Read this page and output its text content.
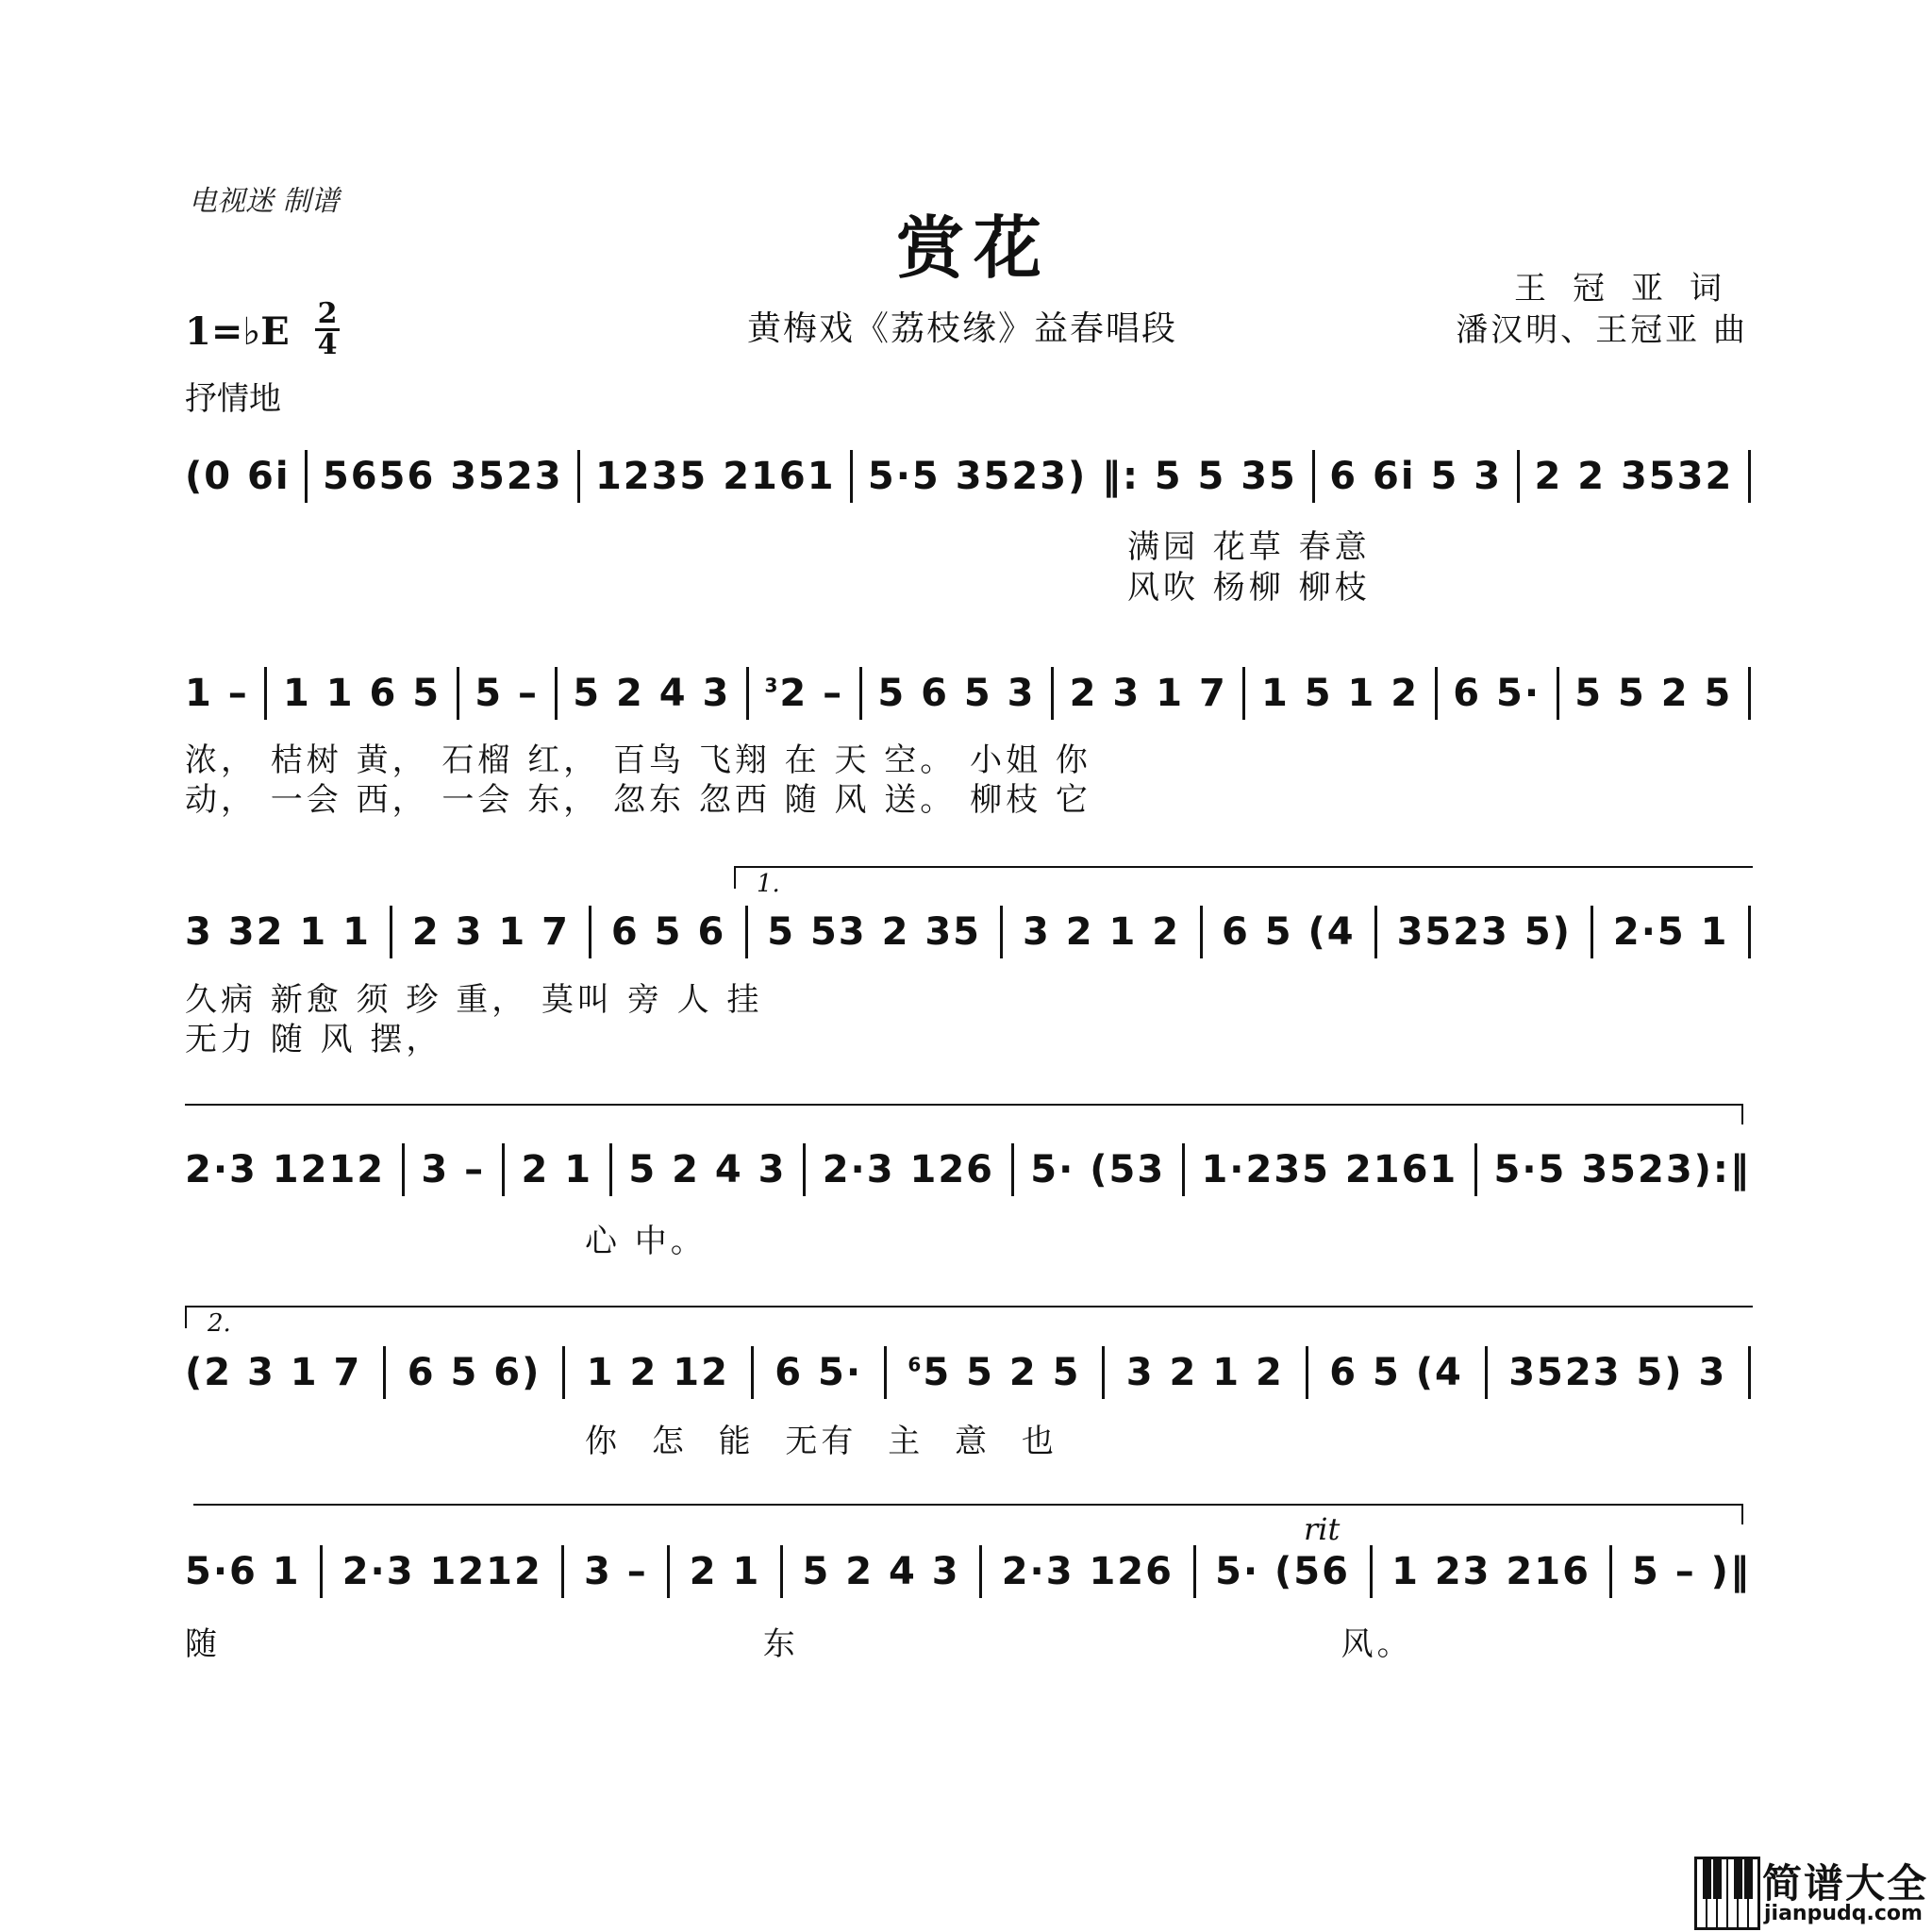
电视迷 制谱
赏花
黄梅戏《荔枝缘》益春唱段
王冠亚词
潘汉明、王冠亚 曲
1=♭E 2
4
抒情地
(0 6i 5656 3523 1235 2161 5·5 3523) ‖: 5 5 35 6 6i 5 3 2 2 3532
满园 花草 春意
风吹 杨柳 柳枝
1 – 1 1 6 5 5 – 5 2 4 3 $^3$2 – 5 6 5 3 2 3 1 7 1 5 1 2 6 5· 5 5 2 5
浓， 桔树 黄， 石榴 红， 百鸟 飞翔 在 天 空。 小姐 你
动， 一会 西， 一会 东， 忽东 忽西 随 风 送。 柳枝 它
1.
3 32 1 1 2 3 1 7 6 5 6 5 53 2 35 3 2 1 2 6 5 (4 3523 5) 2·5 1
久病 新愈 须 珍 重， 莫叫 旁 人 挂
无力 随 风 摆，
2·3 1212 3 – 2 1 5 2 4 3 2·3 126 5· (53 1·235 2161 5·5 3523):‖
心 中。
2.
(2 3 1 7 6 5 6) 1 2 12 6 5· $^6$5 5 2 5 3 2 1 2 6 5 (4 3523 5) 3
你 怎 能 无有 主 意 也
rit
5·6 1 2·3 1212 3 – 2 1 5 2 4 3 2·3 126 5· (56 1 23 216 5 – )‖
随 东 风。
简谱大全
jianpudq.com
